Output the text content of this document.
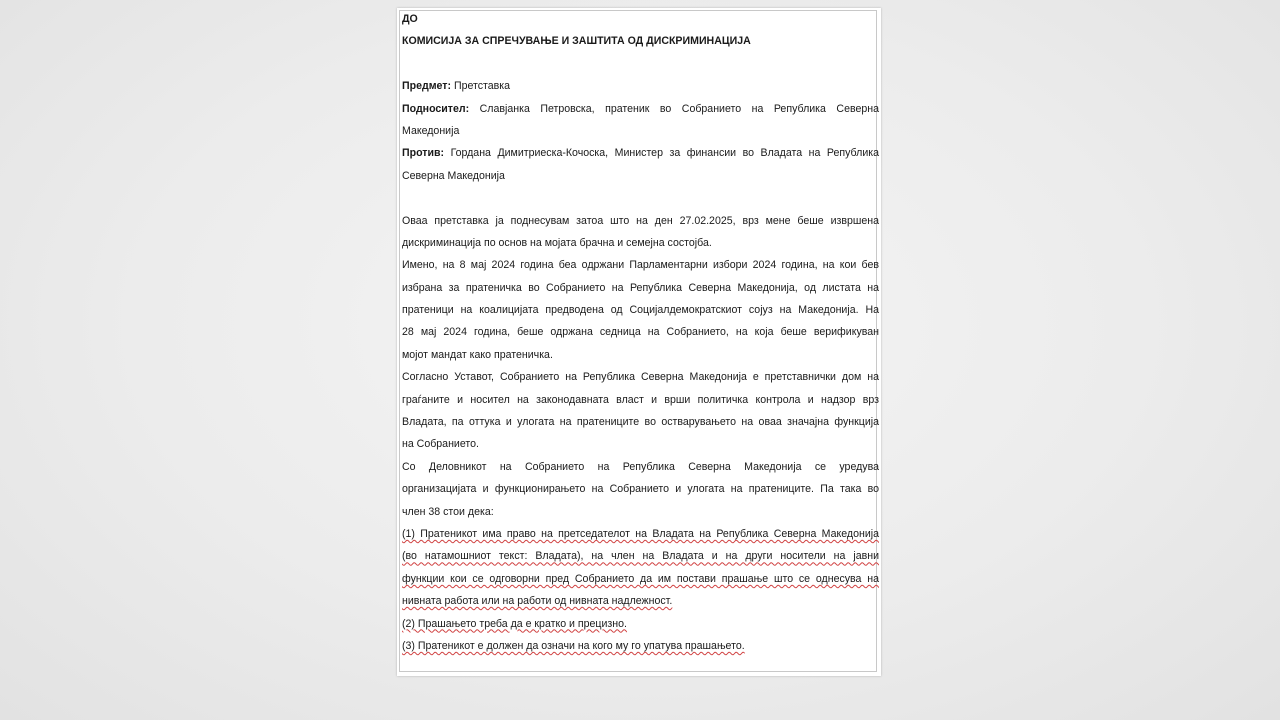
ДО
КОМИСИЈА ЗА СПРЕЧУВАЊЕ И ЗАШТИТА ОД ДИСКРИМИНАЦИЈА
Предмет: Претставка
Подносител: Славјанка Петровска, пратеник во Собранието на Република Северна
Македонија
Против: Гордана Димитриеска-Кочоска, Министер за финансии во Владата на Република
Северна Македонија
Оваа претставка ја поднесувам затоа што на ден 27.02.2025, врз мене беше извршена
дискриминација по основ на мојата брачна и семејна состојба.
Имено, на 8 мај 2024 година беа одржани Парламентарни избори 2024 година, на кои бев
избрана за пратеничка во Собранието на Република Северна Македонија, од листата на
пратеници на коалицијата предводена од Социјалдемократскиот сојуз на Македонија. На
28 мај 2024 година, беше одржана седница на Собранието, на која беше верификуван
мојот мандат како пратеничка.
Согласно Уставот, Собранието на Република Северна Македонија е претставнички дом на
граѓаните и носител на законодавната власт и врши политичка контрола и надзор врз
Владата, па оттука и улогата на пратениците во остварувањето на оваа значајна функција
на Собранието.
Со Деловникот на Собранието на Република Северна Македонија се уредува
организацијата и функционирањето на Собранието и улогата на пратениците. Па така во
член 38 стои дека:
(1) Пратеникот има право на претседателот на Владата на Република Северна Македонија
(во натамошниот текст: Владата), на член на Владата и на други носители на јавни
функции кои се одговорни пред Собранието да им постави прашање што се однесува на
нивната работа или на работи од нивната надлежност.
(2) Прашањето треба да е кратко и прецизно.
(3) Пратеникот е должен да означи на кого му го упатува прашањето.
